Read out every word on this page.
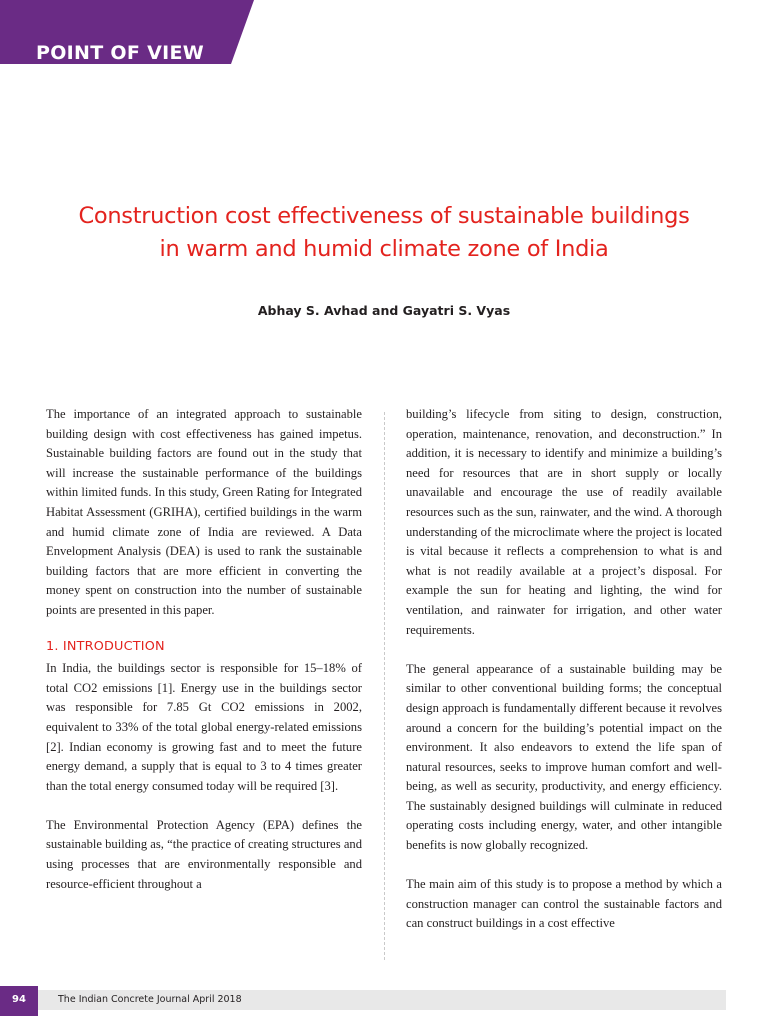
POINT OF VIEW
Construction cost effectiveness of sustainable buildings
in warm and humid climate zone of India
Abhay S. Avhad and Gayatri S. Vyas

The importance of an integrated approach to sustainable building design with cost effectiveness has gained impetus. Sustainable building factors are found out in the study that will increase the sustainable performance of the buildings within limited funds. In this study, Green Rating for Integrated Habitat Assessment (GRIHA), certified buildings in the warm and humid climate zone of India are reviewed. A Data Envelopment Analysis (DEA) is used to rank the sustainable building factors that are more efficient in converting the money spent on construction into the number of sustainable points are presented in this paper.

1. INTRODUCTION

In India, the buildings sector is responsible for 15–18% of total CO2 emissions [1]. Energy use in the buildings sector was responsible for 7.85 Gt CO2 emissions in 2002, equivalent to 33% of the total global energy-related emissions [2]. Indian economy is growing fast and to meet the future energy demand, a supply that is equal to 3 to 4 times greater than the total energy consumed today will be required [3].

The Environmental Protection Agency (EPA) defines the sustainable building as, “the practice of creating structures and using processes that are environmentally responsible and resource-efficient throughout a

building’s lifecycle from siting to design, construction, operation, maintenance, renovation, and deconstruction.” In addition, it is necessary to identify and minimize a building’s need for resources that are in short supply or locally unavailable and encourage the use of readily available resources such as the sun, rainwater, and the wind. A thorough understanding of the microclimate where the project is located is vital because it reflects a comprehension to what is and what is not readily available at a project’s disposal. For example the sun for heating and lighting, the wind for ventilation, and rainwater for irrigation, and other water requirements.

The general appearance of a sustainable building may be similar to other conventional building forms; the conceptual design approach is fundamentally different because it revolves around a concern for the building’s potential impact on the environment. It also endeavors to extend the life span of natural resources, seeks to improve human comfort and well-being, as well as security, productivity, and energy efficiency. The sustainably designed buildings will culminate in reduced operating costs including energy, water, and other intangible benefits is now globally recognized.

The main aim of this study is to propose a method by which a construction manager can control the sustainable factors and can construct buildings in a cost effective

94	The Indian Concrete Journal April 2018
